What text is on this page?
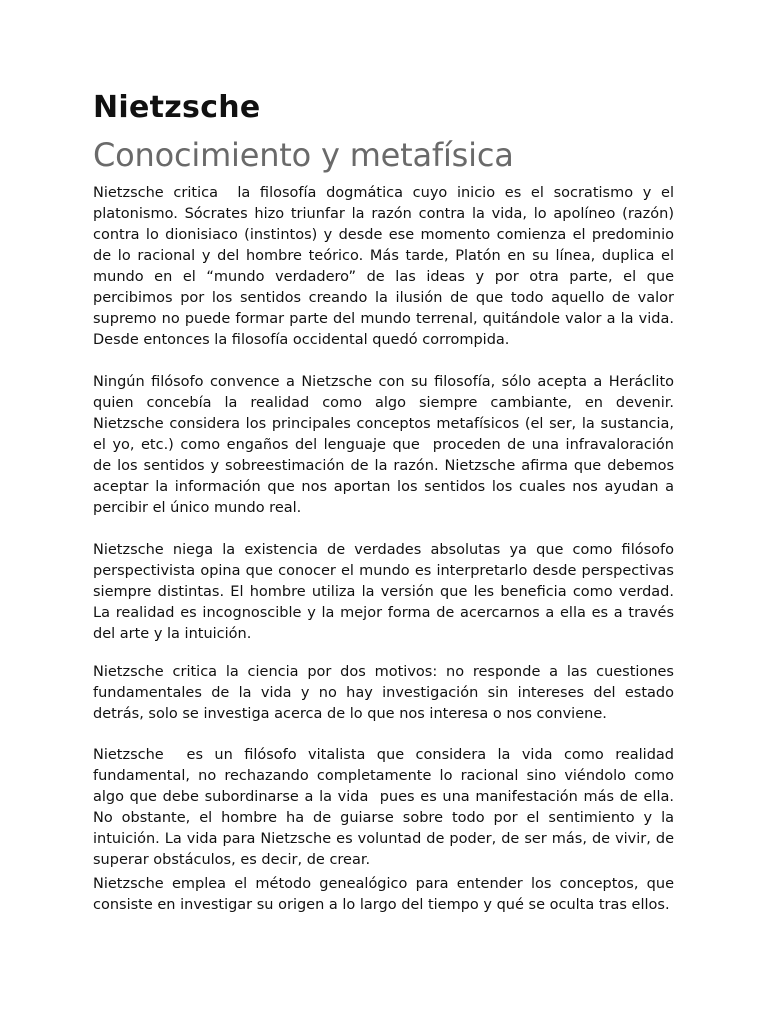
Nietzsche
Conocimiento y metafísica

Nietzsche critica  la filosofía dogmática cuyo inicio es el socratismo y el platonismo. Sócrates hizo triunfar la razón contra la vida, lo apolíneo (razón) contra lo dionisiaco (instintos) y desde ese momento comienza el predominio de lo racional y del hombre teórico. Más tarde, Platón en su línea, duplica el mundo en el “mundo verdadero” de las ideas y por otra parte, el que percibimos por los sentidos creando la ilusión de que todo aquello de valor supremo no puede formar parte del mundo terrenal, quitándole valor a la vida. Desde entonces la filosofía occidental quedó corrompida.

Ningún filósofo convence a Nietzsche con su filosofía, sólo acepta a Heráclito quien concebía la realidad como algo siempre cambiante, en devenir. Nietzsche considera los principales conceptos metafísicos (el ser, la sustancia, el yo, etc.) como engaños del lenguaje que  proceden de una infravaloración de los sentidos y sobreestimación de la razón. Nietzsche afirma que debemos aceptar la información que nos aportan los sentidos los cuales nos ayudan a percibir el único mundo real.

Nietzsche niega la existencia de verdades absolutas ya que como filósofo perspectivista opina que conocer el mundo es interpretarlo desde perspectivas siempre distintas. El hombre utiliza la versión que les beneficia como verdad. La realidad es incognoscible y la mejor forma de acercarnos a ella es a través del arte y la intuición.

Nietzsche critica la ciencia por dos motivos: no responde a las cuestiones fundamentales de la vida y no hay investigación sin intereses del estado detrás, solo se investiga acerca de lo que nos interesa o nos conviene.

Nietzsche  es un filósofo vitalista que considera la vida como realidad fundamental, no rechazando completamente lo racional sino viéndolo como algo que debe subordinarse a la vida  pues es una manifestación más de ella. No obstante, el hombre ha de guiarse sobre todo por el sentimiento y la intuición. La vida para Nietzsche es voluntad de poder, de ser más, de vivir, de superar obstáculos, es decir, de crear.

Nietzsche emplea el método genealógico para entender los conceptos, que consiste en investigar su origen a lo largo del tiempo y qué se oculta tras ellos.
